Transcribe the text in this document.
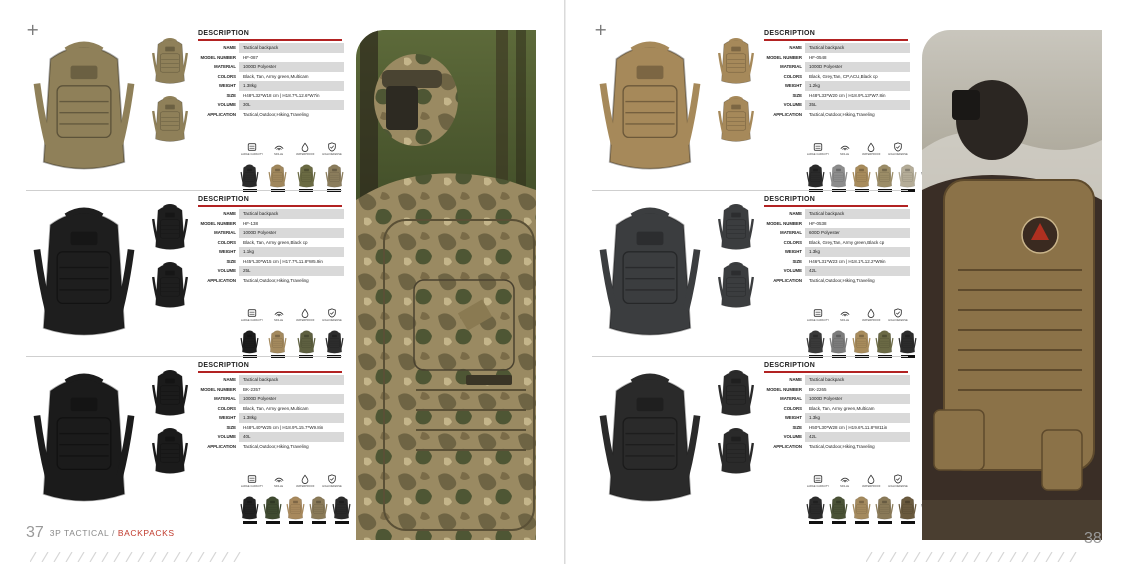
+	DESCRIPTION
NAME	Tactical backpack
MODEL NUMBER	HF-087
MATERIAL	1000D Polyester
COLORS	Black, Tan, Army green,Multicam
WEIGHT	1.38kg
SIZE	H48*L32*W18 cm | H18.7*L12.6*W7in
VOLUME	30L
APPLICATION	Tactical,Outdoor,Hiking,Traveling
LARGE CAPACITY	MOLLE	WATERPROOF	HIGH DEFENSE
DESCRIPTION
NAME	Tactical backpack
MODEL NUMBER	HF-138
MATERIAL	1000D Polyester
COLORS	Black, Tan, Army green,Black cp
WEIGHT	1.1kg
SIZE	H45*L30*W15 cm | H17.7*L11.8*W5.9in
VOLUME	25L
APPLICATION	Tactical,Outdoor,Hiking,Traveling
LARGE CAPACITY	MOLLE	WATERPROOF	HIGH DEFENSE
DESCRIPTION
NAME	Tactical backpack
MODEL NUMBER	BK-2357
MATERIAL	1000D Polyester
COLORS	Black, Tan, Army green,Multicam
WEIGHT	1.38kg
SIZE	H48*L40*W25 cm | H18.9*L15.7*W9.8in
VOLUME	40L
APPLICATION	Tactical,Outdoor,Hiking,Traveling
LARGE CAPACITY	MOLLE	WATERPROOF	HIGH DEFENSE
37 3P TACTICAL / BACKPACKS
+	DESCRIPTION
NAME	Tactical backpack
MODEL NUMBER	HF-0548
MATERIAL	1000D Polyester
COLORS	Black, Grey,Tan, CP,ACU,Black cp
WEIGHT	1.2kg
SIZE	H48*L33*W20 cm | H18.9*L13*W7.8in
VOLUME	35L
APPLICATION	Tactical,Outdoor,Hiking,Traveling
LARGE CAPACITY	MOLLE	WATERPROOF	HIGH DEFENSE
DESCRIPTION
NAME	Tactical backpack
MODEL NUMBER	HF-0538
MATERIAL	600D Polyester
COLORS	Black, Grey,Tan, Army green,Black cp
WEIGHT	1.3kg
SIZE	H46*L31*W23 cm | H18.1*L12.2*W9in
VOLUME	42L
APPLICATION	Tactical,Outdoor,Hiking,Traveling
LARGE CAPACITY	MOLLE	WATERPROOF	HIGH DEFENSE
DESCRIPTION
NAME	Tactical backpack
MODEL NUMBER	BK-2265
MATERIAL	1000D Polyester
COLORS	Black, Tan, Army green,Multicam
WEIGHT	1.3kg
SIZE	H50*L30*W28 cm | H19.6*L11.8*W11in
VOLUME	42L
APPLICATION	Tactical,Outdoor,Hiking,Traveling
LARGE CAPACITY	MOLLE	WATERPROOF	HIGH DEFENSE
38
